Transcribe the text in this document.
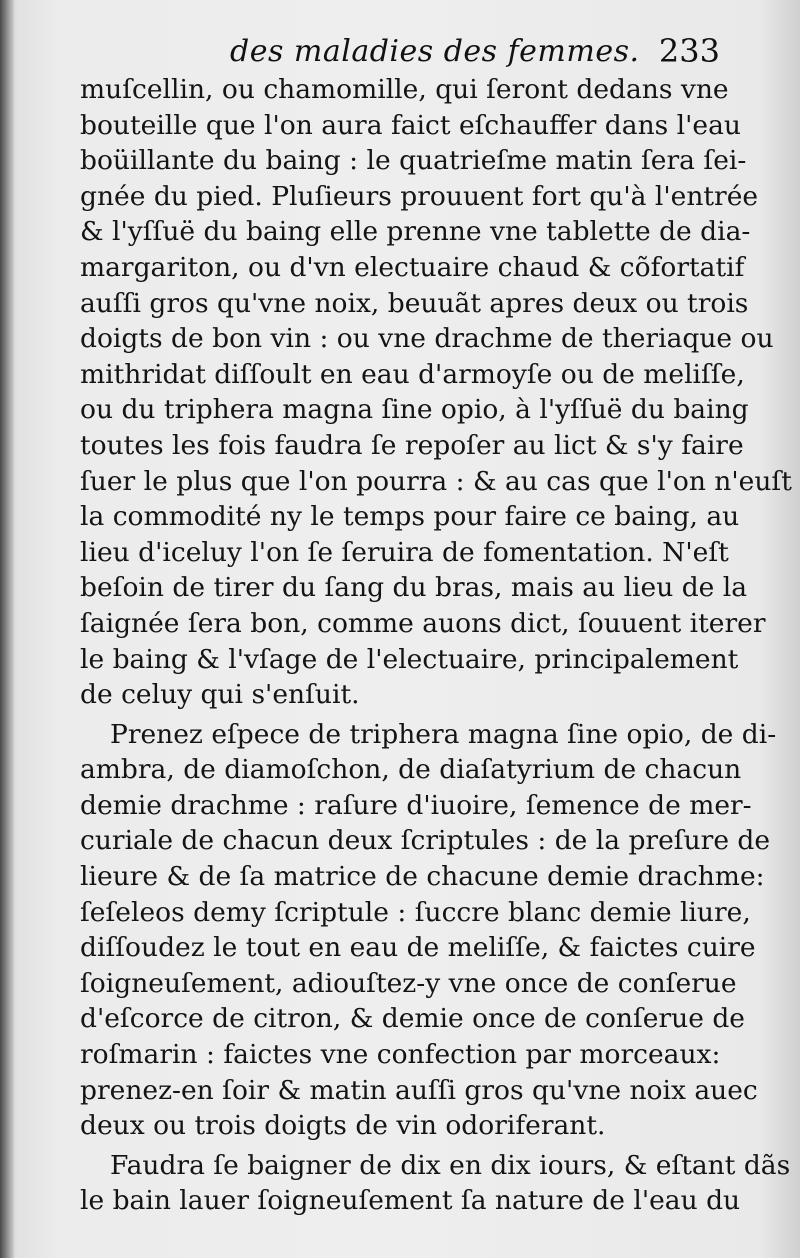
des maladies des femmes. 233
muſcellin, ou chamomille, qui ſeront dedans vne
bouteille que l'on aura faict eſchauffer dans l'eau
boüillante du baing : le quatrieſme matin ſera ſei-
gnée du pied. Pluſieurs prouuent fort qu'à l'entrée
& l'yſſuë du baing elle prenne vne tablette de dia-
margariton, ou d'vn electuaire chaud & cõfortatif
auſſi gros qu'vne noix, beuuãt apres deux ou trois
doigts de bon vin : ou vne drachme de theriaque ou
mithridat diſſoult en eau d'armoyſe ou de meliſſe,
ou du triphera magna ſine opio, à l'yſſuë du baing
toutes les fois faudra ſe repoſer au lict & s'y faire
ſuer le plus que l'on pourra : & au cas que l'on n'euſt
la commodité ny le temps pour faire ce baing, au
lieu d'iceluy l'on ſe ſeruira de fomentation. N'eſt
beſoin de tirer du ſang du bras, mais au lieu de la
ſaignée ſera bon, comme auons dict, ſouuent iterer
le baing & l'vſage de l'electuaire, principalement
de celuy qui s'enſuit.
Prenez eſpece de triphera magna ſine opio, de di-
ambra, de diamoſchon, de diaſatyrium de chacun
demie drachme : raſure d'iuoire, ſemence de mer-
curiale de chacun deux ſcriptules : de la preſure de
lieure & de ſa matrice de chacune demie drachme:
ſeſeleos demy ſcriptule : ſuccre blanc demie liure,
diſſoudez le tout en eau de meliſſe, & faictes cuire
ſoigneuſement, adiouſtez-y vne once de conſerue
d'eſcorce de citron, & demie once de conſerue de
roſmarin : faictes vne confection par morceaux:
prenez-en ſoir & matin auſſi gros qu'vne noix auec
deux ou trois doigts de vin odoriferant.
Faudra ſe baigner de dix en dix iours, & eſtant dãs
le bain lauer ſoigneuſement ſa nature de l'eau du
